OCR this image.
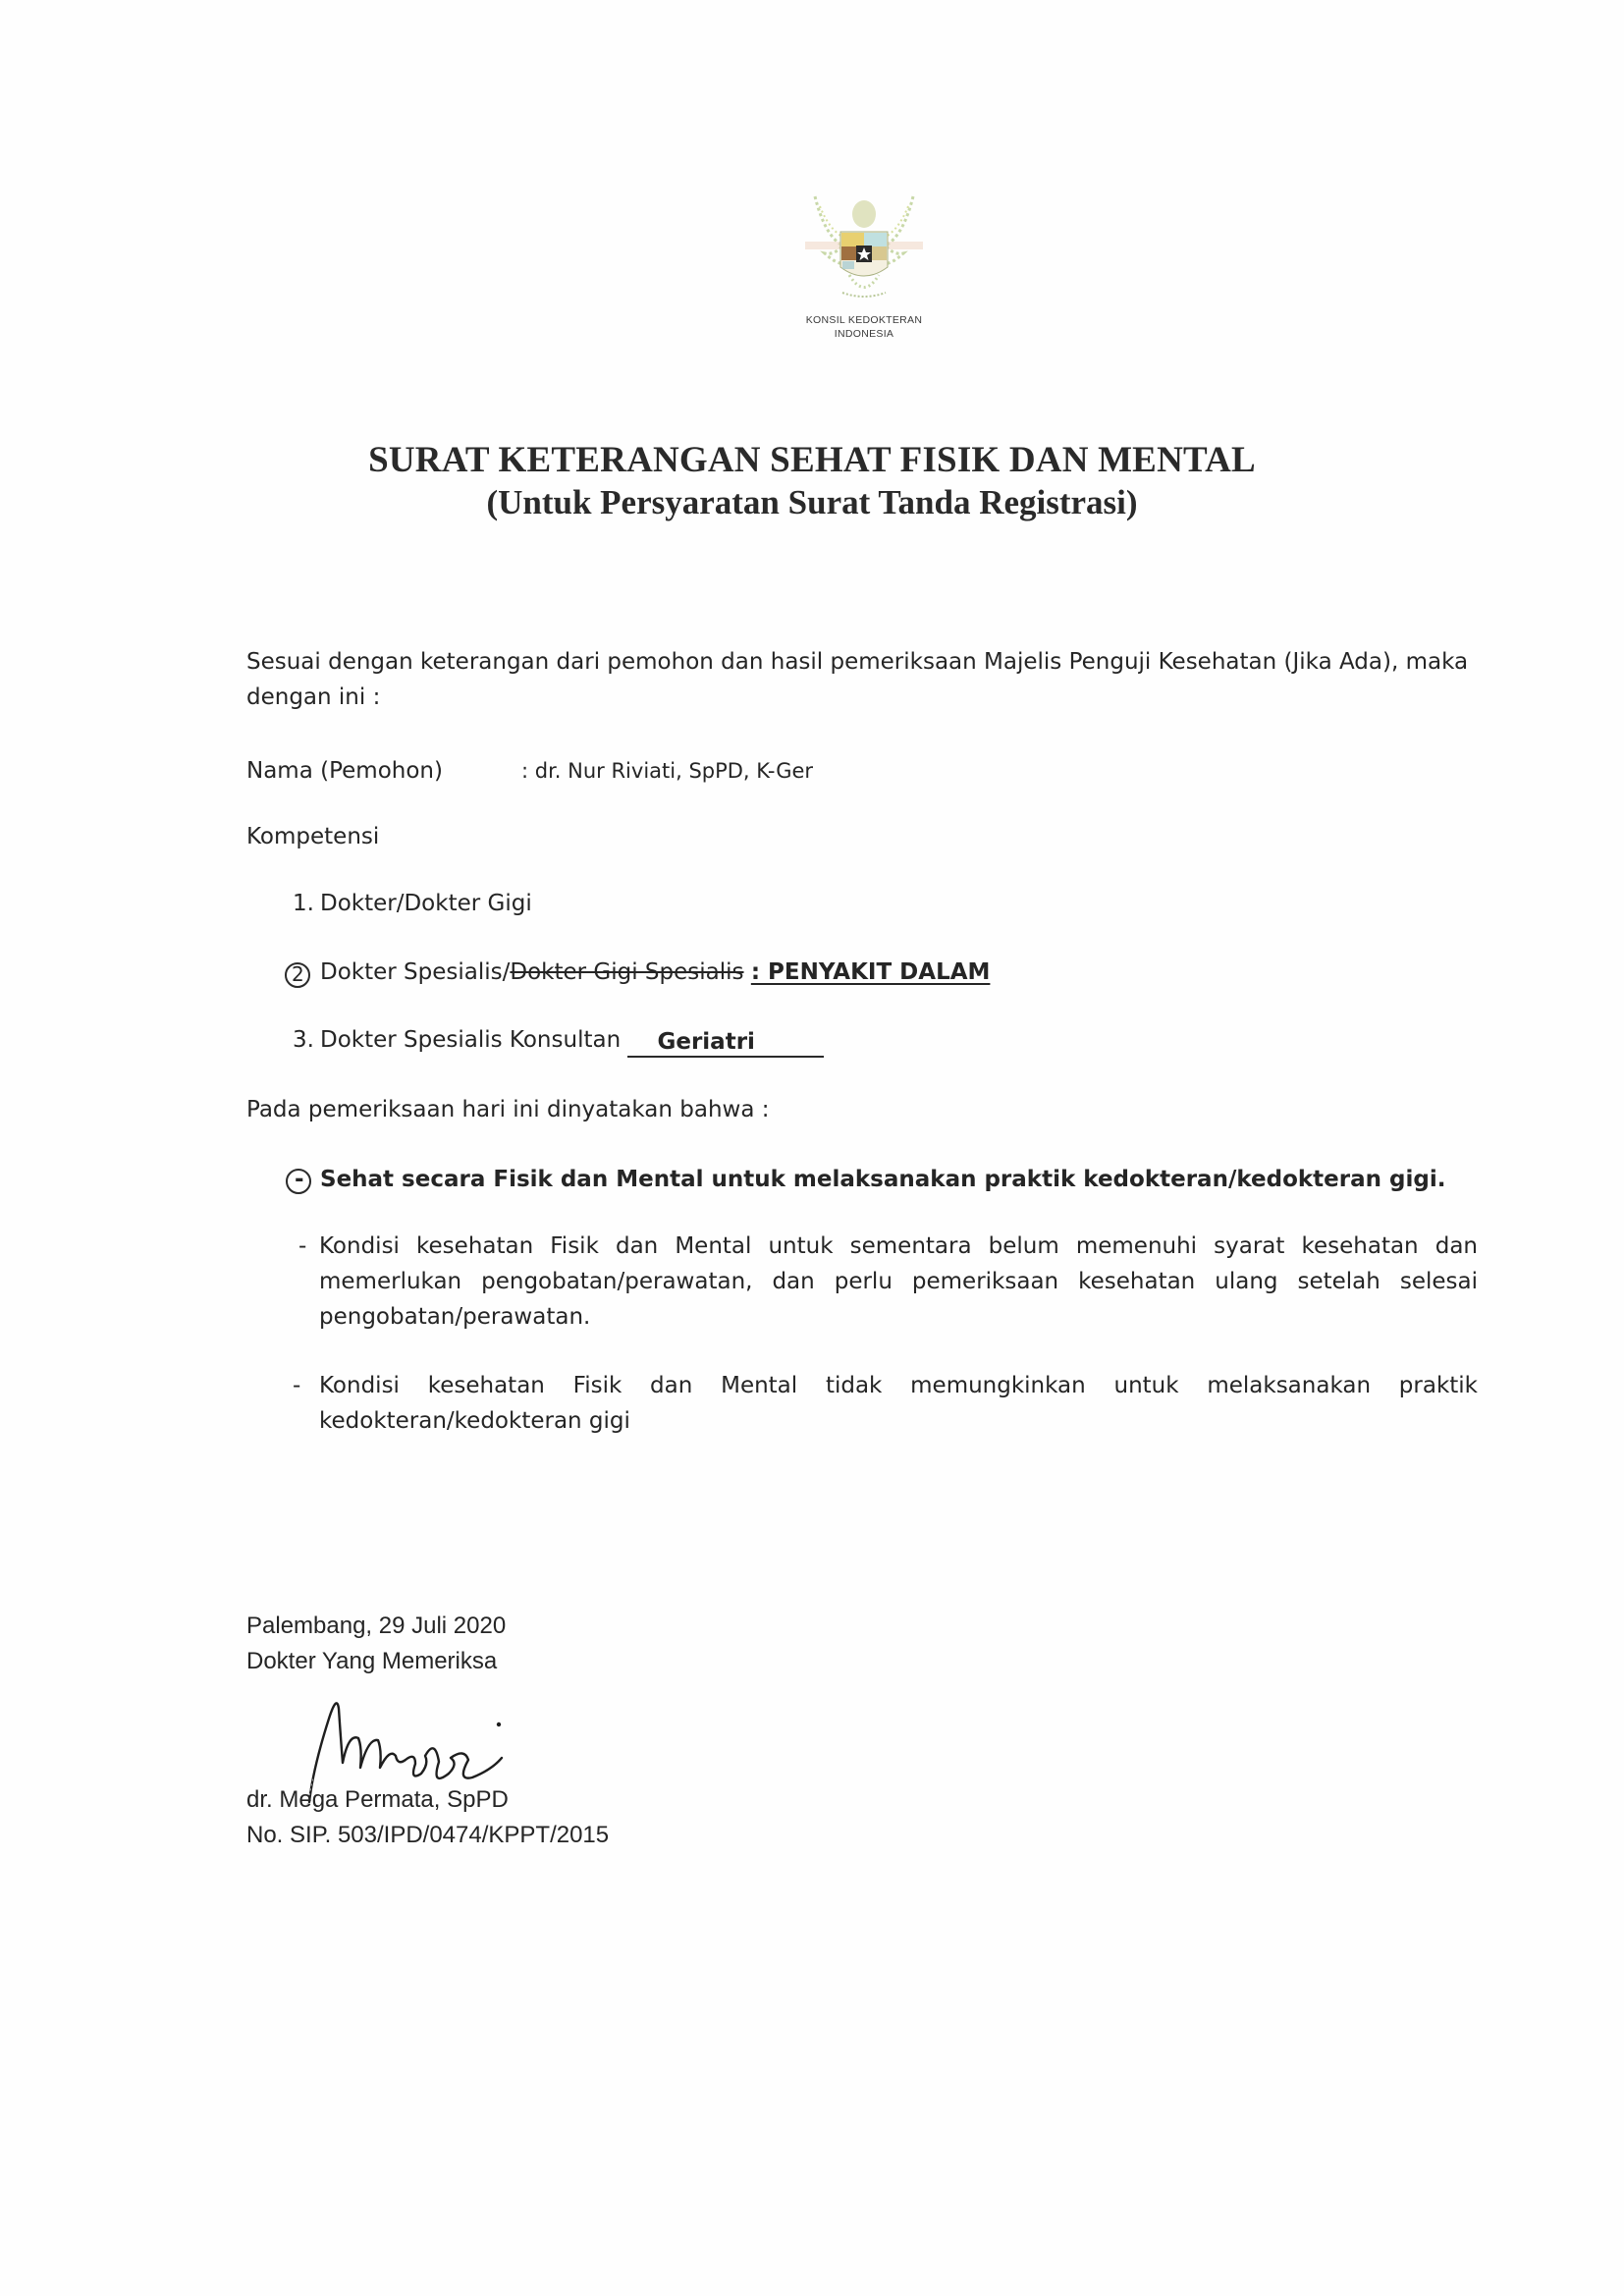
KONSIL KEDOKTERAN
INDONESIA
SURAT KETERANGAN SEHAT FISIK DAN MENTAL
(Untuk Persyaratan Surat Tanda Registrasi)
Sesuai dengan keterangan dari pemohon dan hasil pemeriksaan Majelis Penguji Kesehatan (Jika Ada), maka dengan ini :
Nama (Pemohon)	: dr. Nur Riviati, SpPD, K-Ger
Kompetensi
1. Dokter/Dokter Gigi
2 Dokter Spesialis/Dokter Gigi Spesialis : PENYAKIT DALAM
3. Dokter Spesialis Konsultan Geriatri
Pada pemeriksaan hari ini dinyatakan bahwa :
- Sehat secara Fisik dan Mental untuk melaksanakan praktik kedokteran/kedokteran gigi.
- Kondisi kesehatan Fisik dan Mental untuk sementara belum memenuhi syarat kesehatan dan memerlukan pengobatan/perawatan, dan perlu pemeriksaan kesehatan ulang setelah selesai pengobatan/perawatan.
- Kondisi kesehatan Fisik dan Mental tidak memungkinkan untuk melaksanakan praktik kedokteran/kedokteran gigi
Palembang, 29 Juli 2020
Dokter Yang Memeriksa
dr. Mega Permata, SpPD
No. SIP. 503/IPD/0474/KPPT/2015
